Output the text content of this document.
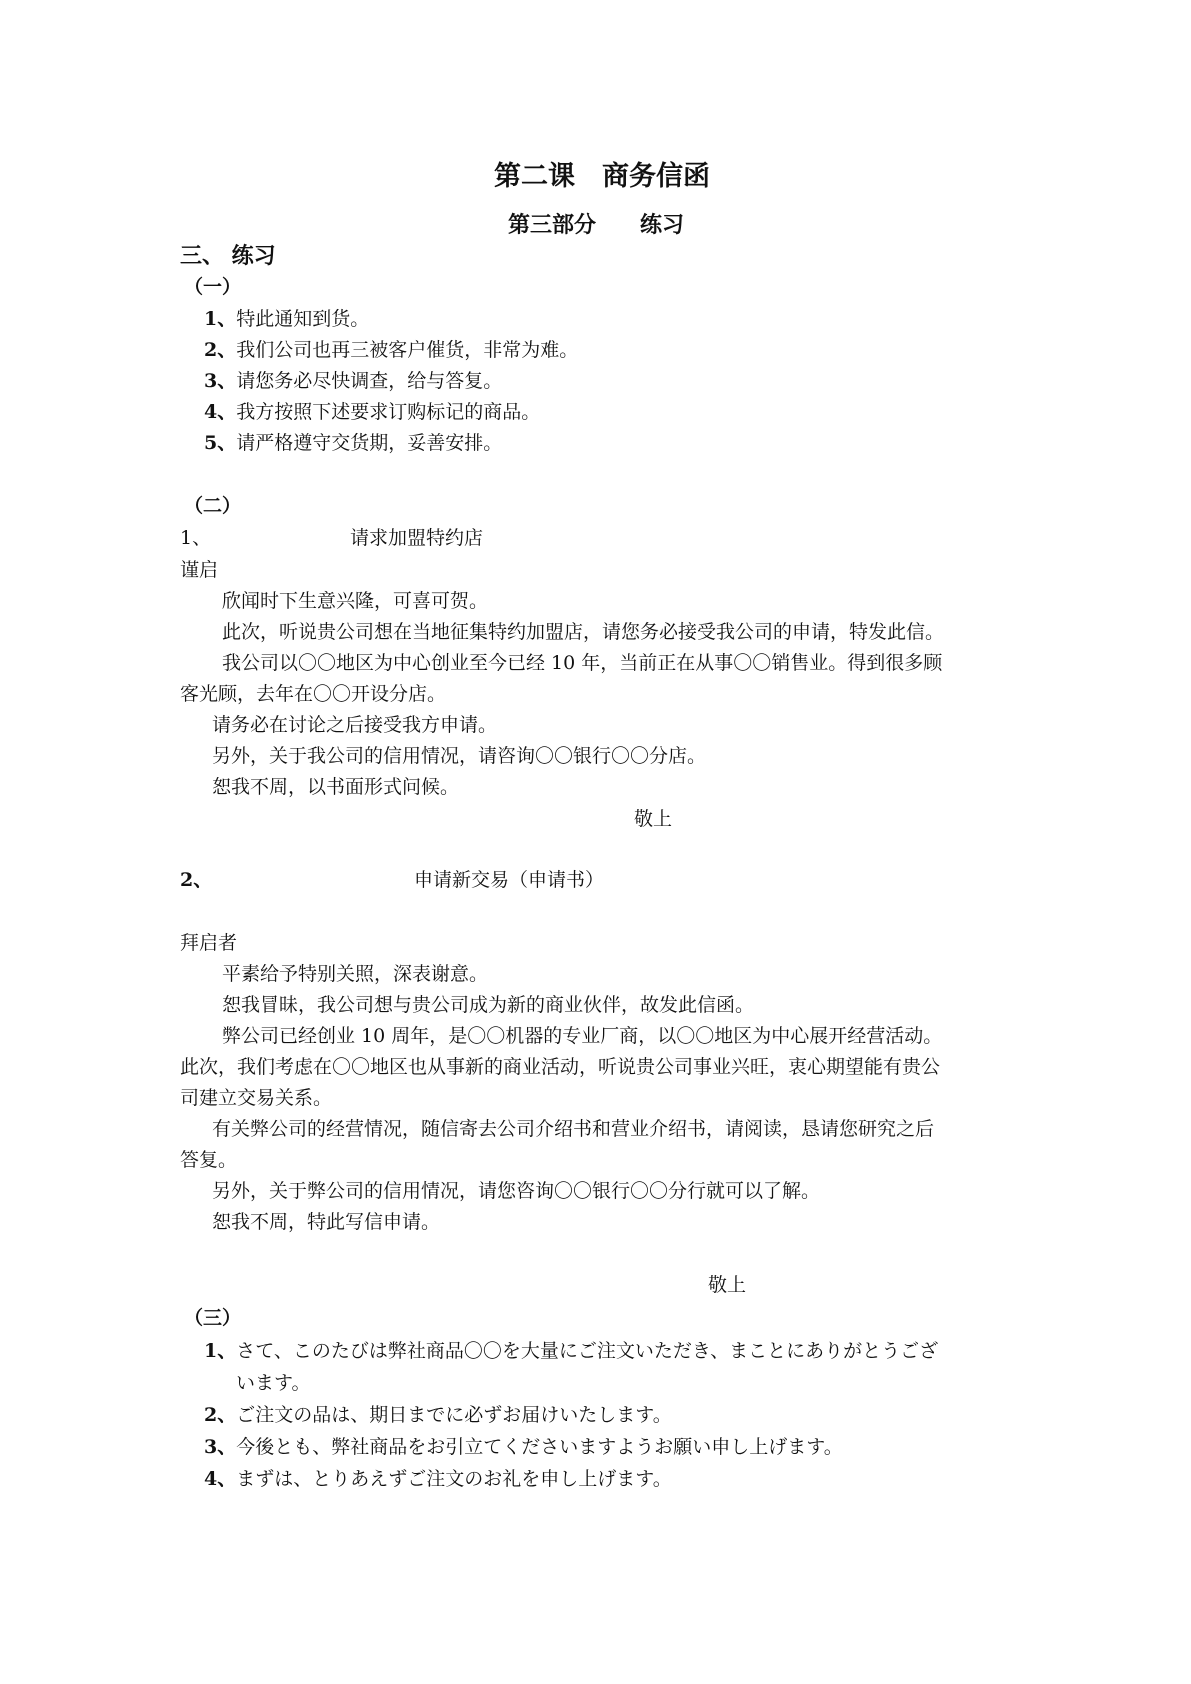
第二课　商务信函
第三部分　　练习
三、 练习
（一）
1、特此通知到货。
2、我们公司也再三被客户催货，非常为难。
3、请您务必尽快调查，给与答复。
4、我方按照下述要求订购标记的商品。
5、请严格遵守交货期，妥善安排。
（二）
1、	请求加盟特约店
谨启
欣闻时下生意兴隆，可喜可贺。
此次，听说贵公司想在当地征集特约加盟店，请您务必接受我公司的申请，特发此信。
我公司以〇〇地区为中心创业至今已经 10 年，当前正在从事〇〇销售业。得到很多顾
客光顾，去年在〇〇开设分店。
请务必在讨论之后接受我方申请。
另外，关于我公司的信用情况，请咨询〇〇银行〇〇分店。
恕我不周，以书面形式问候。
敬上
2、	申请新交易（申请书）
拜启者
平素给予特别关照，深表谢意。
恕我冒昧，我公司想与贵公司成为新的商业伙伴，故发此信函。
弊公司已经创业 10 周年，是〇〇机器的专业厂商，以〇〇地区为中心展开经营活动。
此次，我们考虑在〇〇地区也从事新的商业活动，听说贵公司事业兴旺，衷心期望能有贵公
司建立交易关系。
有关弊公司的经营情况，随信寄去公司介绍书和营业介绍书，请阅读，恳请您研究之后
答复。
另外，关于弊公司的信用情况，请您咨询〇〇银行〇〇分行就可以了解。
恕我不周，特此写信申请。
敬上
（三）
1、さて、このたびは弊社商品〇〇を大量にご注文いただき、まことにありがとうござ
います。
2、ご注文の品は、期日までに必ずお届けいたします。
3、今後とも、弊社商品をお引立てくださいますようお願い申し上げます。
4、まずは、とりあえずご注文のお礼を申し上げます。
